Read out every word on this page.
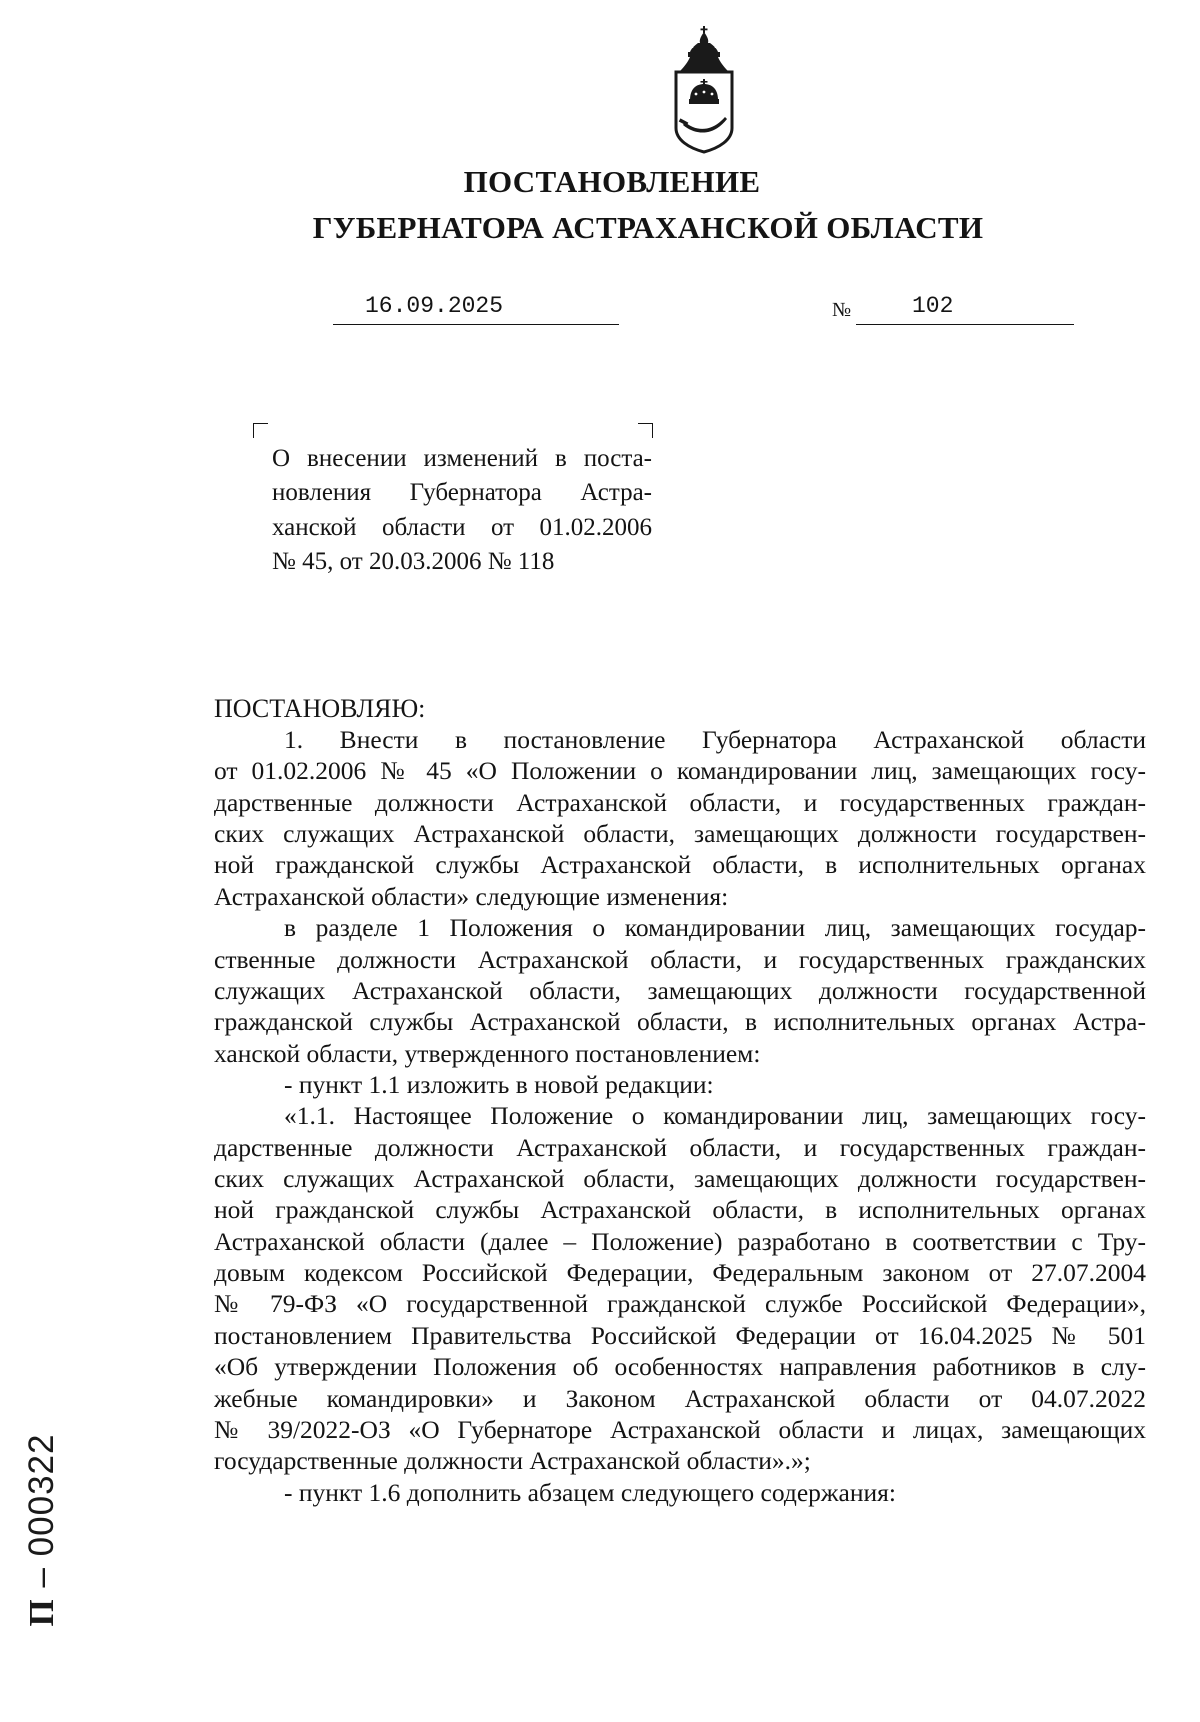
ПОСТАНОВЛЕНИЕ
ГУБЕРНАТОРА АСТРАХАНСКОЙ ОБЛАСТИ
16.09.2025	№	102
О внесении изменений в поста-
новления Губернатора Астра-
ханской области от 01.02.2006
№ 45, от 20.03.2006 № 118
ПОСТАНОВЛЯЮ:
1. Внести в постановление Губернатора Астраханской области
от 01.02.2006 № 45 «О Положении о командировании лиц, замещающих госу-
дарственные должности Астраханской области, и государственных граждан-
ских служащих Астраханской области, замещающих должности государствен-
ной гражданской службы Астраханской области, в исполнительных органах
Астраханской области» следующие изменения:
в разделе 1 Положения о командировании лиц, замещающих государ-
ственные должности Астраханской области, и государственных гражданских
служащих Астраханской области, замещающих должности государственной
гражданской службы Астраханской области, в исполнительных органах Астра-
ханской области, утвержденного постановлением:
- пункт 1.1 изложить в новой редакции:
«1.1. Настоящее Положение о командировании лиц, замещающих госу-
дарственные должности Астраханской области, и государственных граждан-
ских служащих Астраханской области, замещающих должности государствен-
ной гражданской службы Астраханской области, в исполнительных органах
Астраханской области (далее – Положение) разработано в соответствии с Тру-
довым кодексом Российской Федерации, Федеральным законом от 27.07.2004
№ 79-ФЗ «О государственной гражданской службе Российской Федерации»,
постановлением Правительства Российской Федерации от 16.04.2025 № 501
«Об утверждении Положения об особенностях направления работников в слу-
жебные командировки» и Законом Астраханской области от 04.07.2022
№ 39/2022-ОЗ «О Губернаторе Астраханской области и лицах, замещающих
государственные должности Астраханской области».»;
- пункт 1.6 дополнить абзацем следующего содержания:
П – 000322
